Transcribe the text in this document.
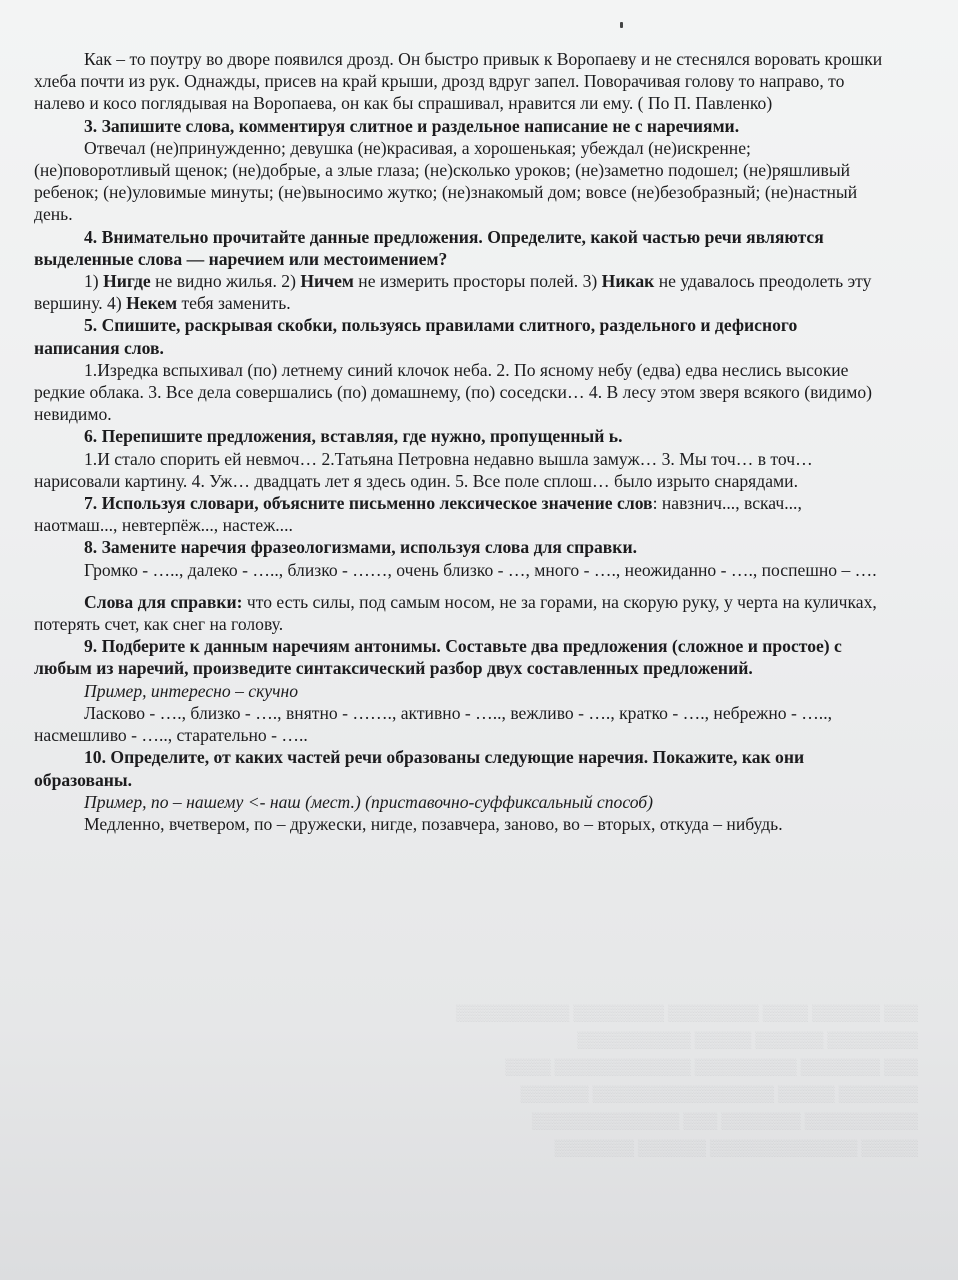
▒▒▒ ▒▒▒▒▒▒ ▒▒▒▒ ▒▒▒▒▒▒▒▒ ▒▒▒▒▒▒▒▒ ▒▒▒▒▒▒▒▒▒▒
▒▒▒▒▒▒▒▒ ▒▒▒▒▒▒ ▒▒▒▒▒ ▒▒▒▒▒▒▒▒▒▒
▒▒▒ ▒▒▒▒▒▒▒ ▒▒▒▒▒▒▒▒▒ ▒▒▒▒▒▒▒▒▒▒▒▒ ▒▒▒▒
▒▒▒▒▒▒▒ ▒▒▒▒▒ ▒▒▒▒▒▒▒▒▒▒▒▒▒▒▒▒ ▒▒▒▒▒▒
▒▒▒▒▒▒▒▒▒▒ ▒▒▒▒▒▒▒ ▒▒▒ ▒▒▒▒▒▒▒▒▒▒▒▒▒
▒▒▒▒▒ ▒▒▒▒▒▒▒▒▒▒▒▒▒ ▒▒▒▒▒▒ ▒▒▒▒▒▒▒

Как – то поутру во дворе появился дрозд. Он быстро привык к Воропаеву и не стеснялся воровать крошки хлеба почти из рук. Однажды, присев на край крыши, дрозд вдруг запел. Поворачивая голову то направо, то налево и косо поглядывая на Воропаева, он как бы спрашивал, нравится ли ему. ( По П. Павленко)

3. Запишите слова, комментируя слитное и раздельное написание не с наречиями.

Отвечал (не)принужденно; девушка (не)красивая, а хорошенькая; убеждал (не)искренне; (не)поворотливый щенок; (не)добрые, а злые глаза; (не)сколько уроков; (не)заметно подошел; (не)ряшливый ребенок; (не)уловимые минуты; (не)выносимо жутко; (не)знакомый дом; вовсе (не)безобразный; (не)настный день.

4. Внимательно прочитайте данные предложения. Определите, какой частью речи являются выделенные слова — наречием или местоимением?

1) Нигде не видно жилья. 2) Ничем не измерить просторы полей. 3) Никак не удавалось преодолеть эту вершину. 4) Некем тебя заменить.

5. Спишите, раскрывая скобки, пользуясь правилами слитного, раздельного и дефисного написания слов.

1.Изредка вспыхивал (по) летнему синий клочок неба. 2. По ясному небу (едва) едва неслись высокие редкие облака. 3. Все дела совершались (по) домашнему, (по) соседски… 4. В лесу этом зверя всякого (видимо) невидимо.

6. Перепишите предложения, вставляя, где нужно, пропущенный ь.

1.И стало спорить ей невмоч… 2.Татьяна Петровна недавно вышла замуж… 3. Мы точ… в точ… нарисовали картину. 4. Уж… двадцать лет я здесь один. 5. Все поле сплош… было изрыто снарядами.

7. Используя словари, объясните письменно лексическое значение слов: навзнич..., вскач..., наотмаш..., невтерпёж..., настеж....

8. Замените наречия фразеологизмами, используя слова для справки.

Громко - ….., далеко - ….., близко - ……, очень близко - …, много - …., неожиданно - …., поспешно – ….

Слова для справки: что есть силы, под самым носом, не за горами, на скорую руку, у черта на куличках, потерять счет, как снег на голову.

9. Подберите к данным наречиям антонимы. Составьте два предложения (сложное и простое) с любым из наречий, произведите синтаксический разбор двух составленных предложений.

Пример, интересно – скучно

Ласково - …., близко - …., внятно - ……., активно - ….., вежливо - …., кратко - …., небрежно - ….., насмешливо - ….., старательно - …..

10. Определите, от каких частей речи образованы следующие наречия. Покажите, как они образованы.

Пример, по – нашему <- наш (мест.) (приставочно-суффиксальный способ)

Медленно, вчетвером, по – дружески, нигде, позавчера, заново, во – вторых, откуда – нибудь.
